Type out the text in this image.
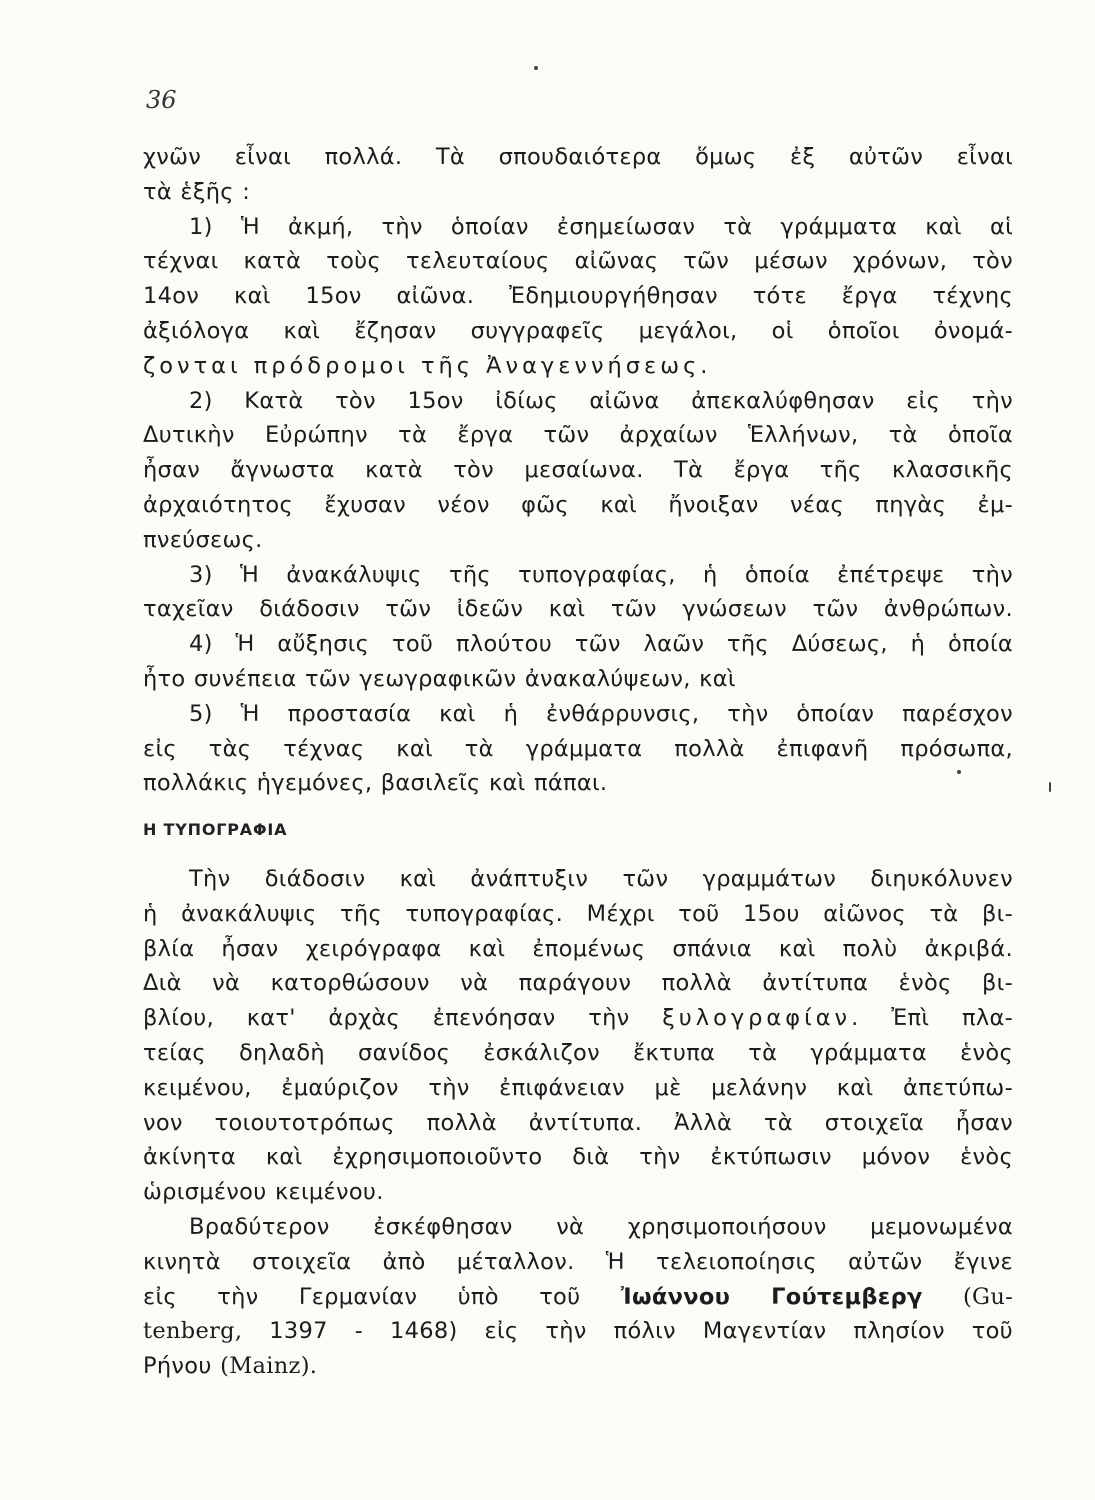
36
χνῶν εἶναι πολλά. Τὰ σπουδαιότερα ὅμως ἐξ αὐτῶν εἶναι
τὰ ἑξῆς :
1) Ἡ ἀκμή, τὴν ὁποίαν ἐσημείωσαν τὰ γράμματα καὶ αἱ
τέχναι κατὰ τοὺς τελευταίους αἰῶνας τῶν μέσων χρόνων, τὸν
14ον καὶ 15ον αἰῶνα. Ἐδημιουργήθησαν τότε ἔργα τέχνης
ἀξιόλογα καὶ ἔζησαν συγγραφεῖς μεγάλοι, οἱ ὁποῖοι ὀνομά-
ζονται πρόδρομοι τῆς Ἀναγεννήσεως.
2) Κατὰ τὸν 15ον ἰδίως αἰῶνα ἀπεκαλύφθησαν εἰς τὴν
Δυτικὴν Εὐρώπην τὰ ἔργα τῶν ἀρχαίων Ἑλλήνων, τὰ ὁποῖα
ἦσαν ἄγνωστα κατὰ τὸν μεσαίωνα. Τὰ ἔργα τῆς κλασσικῆς
ἀρχαιότητος ἔχυσαν νέον φῶς καὶ ἤνοιξαν νέας πηγὰς ἐμ-
πνεύσεως.
3) Ἡ ἀνακάλυψις τῆς τυπογραφίας, ἡ ὁποία ἐπέτρεψε τὴν
ταχεῖαν διάδοσιν τῶν ἰδεῶν καὶ τῶν γνώσεων τῶν ἀνθρώπων.
4) Ἡ αὔξησις τοῦ πλούτου τῶν λαῶν τῆς Δύσεως, ἡ ὁποία
ἦτο συνέπεια τῶν γεωγραφικῶν ἀνακαλύψεων, καὶ
5) Ἡ προστασία καὶ ἡ ἐνθάρρυνσις, τὴν ὁποίαν παρέσχον
εἰς τὰς τέχνας καὶ τὰ γράμματα πολλὰ ἐπιφανῆ πρόσωπα,
πολλάκις ἡγεμόνες, βασιλεῖς καὶ πάπαι.
Η ΤΥΠΟΓΡΑΦΙΑ
Τὴν διάδοσιν καὶ ἀνάπτυξιν τῶν γραμμάτων διηυκόλυνεν
ἡ ἀνακάλυψις τῆς τυπογραφίας. Μέχρι τοῦ 15ου αἰῶνος τὰ βι-
βλία ἦσαν χειρόγραφα καὶ ἐπομένως σπάνια καὶ πολὺ ἀκριβά.
Διὰ νὰ κατορθώσουν νὰ παράγουν πολλὰ ἀντίτυπα ἑνὸς βι-
βλίου, κατ' ἀρχὰς ἐπενόησαν τὴν ξυλογραφίαν. Ἐπὶ πλα-
τείας δηλαδὴ σανίδος ἐσκάλιζον ἔκτυπα τὰ γράμματα ἑνὸς
κειμένου, ἐμαύριζον τὴν ἐπιφάνειαν μὲ μελάνην καὶ ἀπετύπω-
νον τοιουτοτρόπως πολλὰ ἀντίτυπα. Ἀλλὰ τὰ στοιχεῖα ἦσαν
ἀκίνητα καὶ ἐχρησιμοποιοῦντο διὰ τὴν ἐκτύπωσιν μόνον ἑνὸς
ὡρισμένου κειμένου.
Βραδύτερον ἐσκέφθησαν νὰ χρησιμοποιήσουν μεμονωμένα
κινητὰ στοιχεῖα ἀπὸ μέταλλον. Ἡ τελειοποίησις αὐτῶν ἔγινε
εἰς τὴν Γερμανίαν ὑπὸ τοῦ Ἰωάννου Γούτεμβεργ (Gu-
tenberg, 1397 - 1468) εἰς τὴν πόλιν Μαγεντίαν πλησίον τοῦ
Ρήνου (Mainz).
